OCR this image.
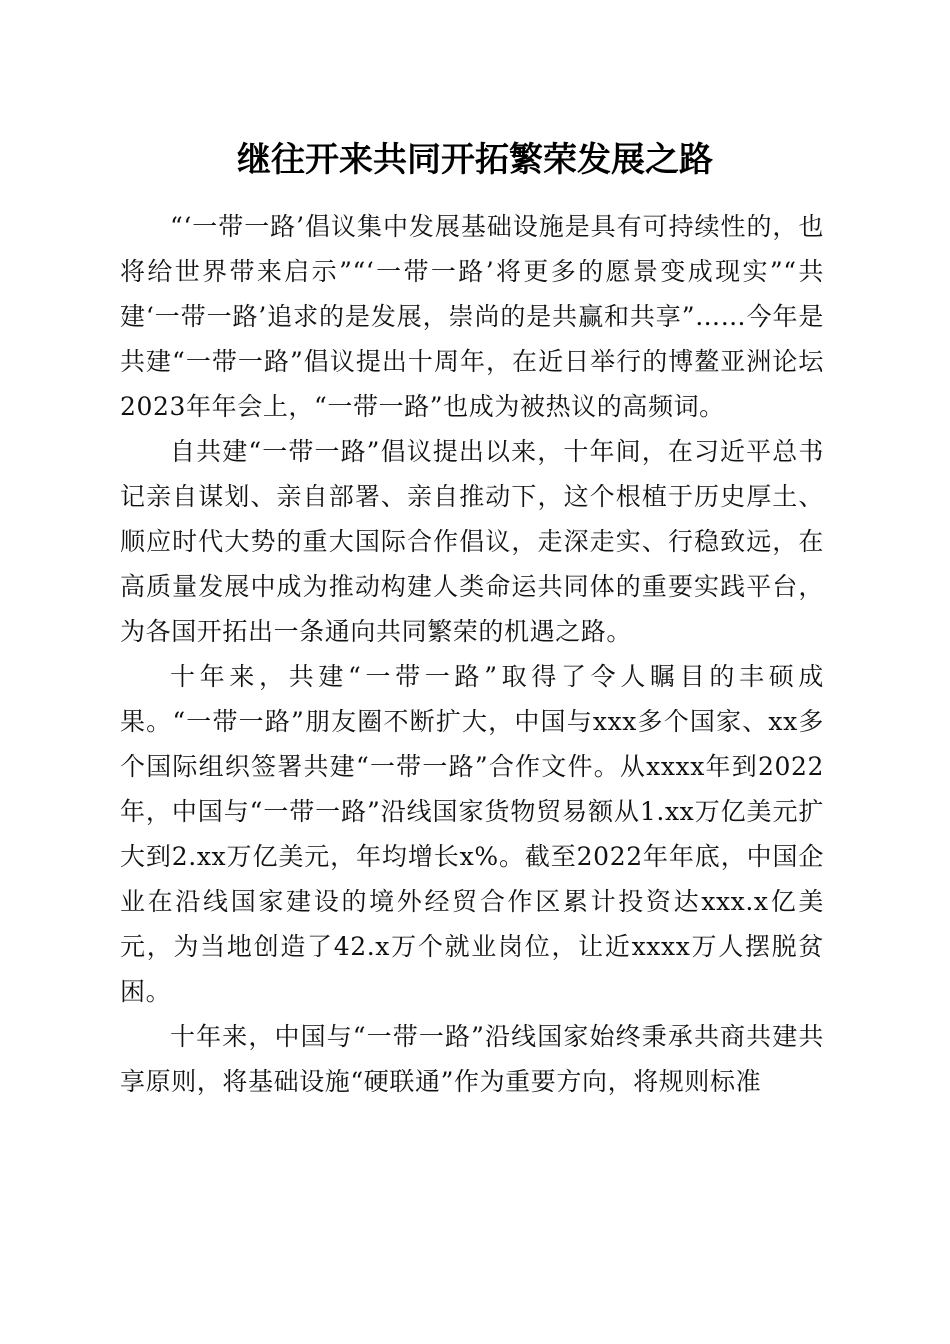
继往开来共同开拓繁荣发展之路

“‘一带一路’倡议集中发展基础设施是具有可持续性的，也将给世界带来启示”“‘一带一路’将更多的愿景变成现实”“共建‘一带一路’追求的是发展，崇尚的是共赢和共享”……今年是共建“一带一路”倡议提出十周年，在近日举行的博鳌亚洲论坛2023年年会上，“一带一路”也成为被热议的高频词。

自共建“一带一路”倡议提出以来，十年间，在习近平总书记亲自谋划、亲自部署、亲自推动下，这个根植于历史厚土、顺应时代大势的重大国际合作倡议，走深走实、行稳致远，在高质量发展中成为推动构建人类命运共同体的重要实践平台，为各国开拓出一条通向共同繁荣的机遇之路。

十年来，共建“一带一路”取得了令人瞩目的丰硕成果。“一带一路”朋友圈不断扩大，中国与xxx多个国家、xx多个国际组织签署共建“一带一路”合作文件。从xxxx年到2022年，中国与“一带一路”沿线国家货物贸易额从1.xx万亿美元扩大到2.xx万亿美元，年均增长x%。截至2022年年底，中国企业在沿线国家建设的境外经贸合作区累计投资达xxx.x亿美元，为当地创造了42.x万个就业岗位，让近xxxx万人摆脱贫困。

十年来，中国与“一带一路”沿线国家始终秉承共商共建共享原则，将基础设施“硬联通”作为重要方向，将规则标准
